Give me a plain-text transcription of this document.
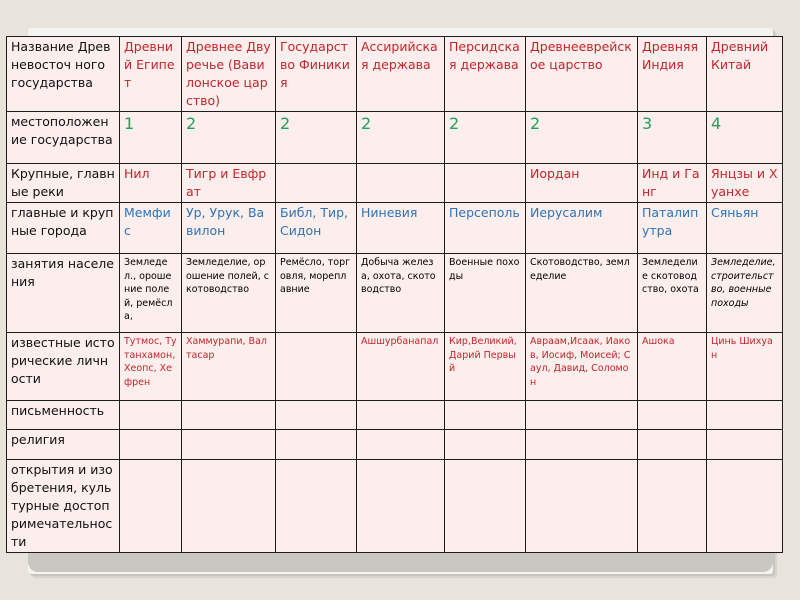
Название Древневосточ ного государства	Древний Египет	Древнее Двуречье (Вавилонское царство)	Государство Финикия	Ассирийская держава	Персидская держава	Древнееврейское царство	Древняя Индия	Древний Китай
местоположение государства	1	2	2	2	2	2	3	4
Крупные, главные реки	Нил	Тигр и Евфрат				Иордан	Инд и Ганг	Янцзы и Хуанхе
главные и крупные города	Мемфис	Ур, Урук, Вавилон	Библ, Тир, Сидон	Ниневия	Персеполь	Иерусалим	Паталипутра	Сяньян
занятия населения	Земледел., орошение полей, ремёсла,	Земледелие, орошение полей, скотоводство	Ремёсло, торговля, мореплавние	Добыча железа, охота, скотоводство	Военные походы	Скотоводство, земледелие	Земледелие скотоводство, охота	Земледелие, строительство, военные походы
известные исторические личности	Тутмос, Тутанхамон, Хеопс, Хефрен	Хаммурапи, Валтасар		Ашшурбанапал	Кир,Великий, Дарий Первый	Авраам,Исаак, Иаков, Иосиф, Моисей; Саул, Давид, Соломон	Ашока	Цинь Шихуан
письменность								
религия								
открытия и изобретения, культурные достопримечательности								
